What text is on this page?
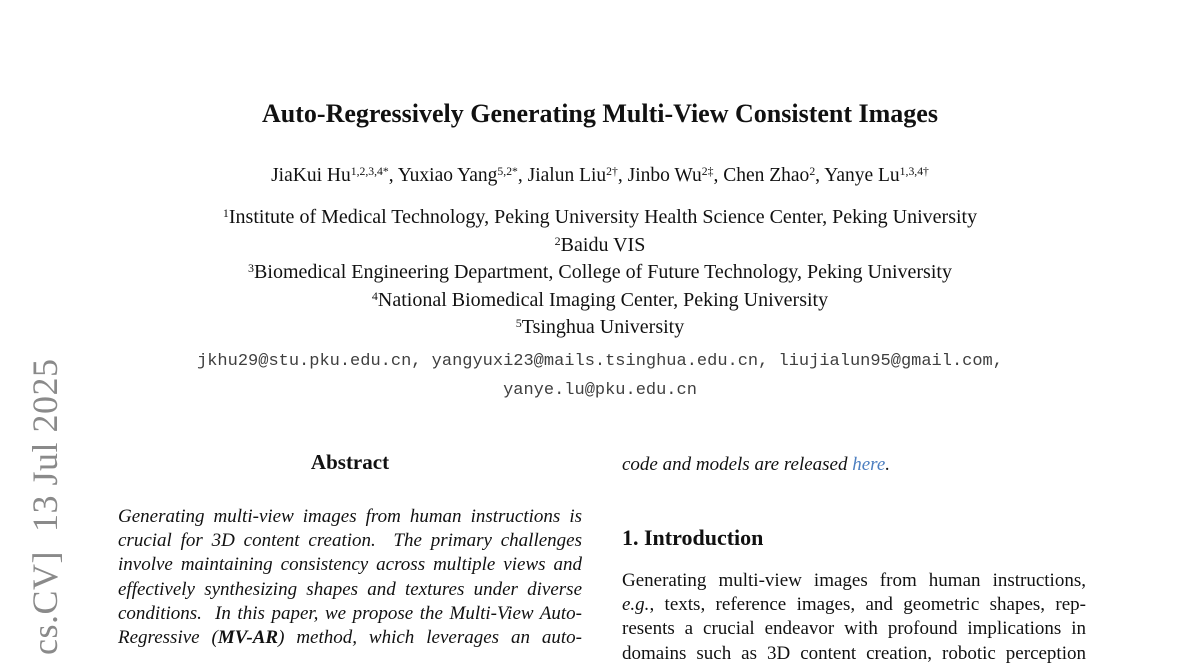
cs.CV]  13 Jul 2025
Auto-Regressively Generating Multi-View Consistent Images
JiaKui $Hu^{1,2,3,4*}$, Yuxiao Yang$^{5,2*}$, Jialun Liu$^{2\dagger}$, Jinbo $Wu^{2\ddagger}$, Chen Zhao$^2$, Yanye $Lu^{1,3,4\dagger}$
$^1$Institute of Medical Technology, Peking University Health Science Center, Peking University
$^2$Baidu VIS
$^3$Biomedical Engineering Department, College of Future Technology, Peking University
$^4$National Biomedical Imaging Center, Peking University
$^5$Tsinghua University
jkhu29@stu.pku.edu.cn, yangyuxi23@mails.tsinghua.edu.cn, liujialun95@gmail.com,
yanye.lu@pku.edu.cn
Abstract
Generating multi-view images from human instructions is
crucial for 3D content creation.  The primary challenges
involve maintaining consistency across multiple views and
effectively synthesizing shapes and textures under diverse
conditions.  In this paper, we propose the Multi-View Auto-
Regressive (MV-AR) method, which leverages an auto-
code and models are released here.
1. Introduction
Generating multi-view images from human instructions,
e.g., texts, reference images, and geometric shapes, rep-
resents a crucial endeavor with profound implications in
domains such as 3D content creation, robotic perception
